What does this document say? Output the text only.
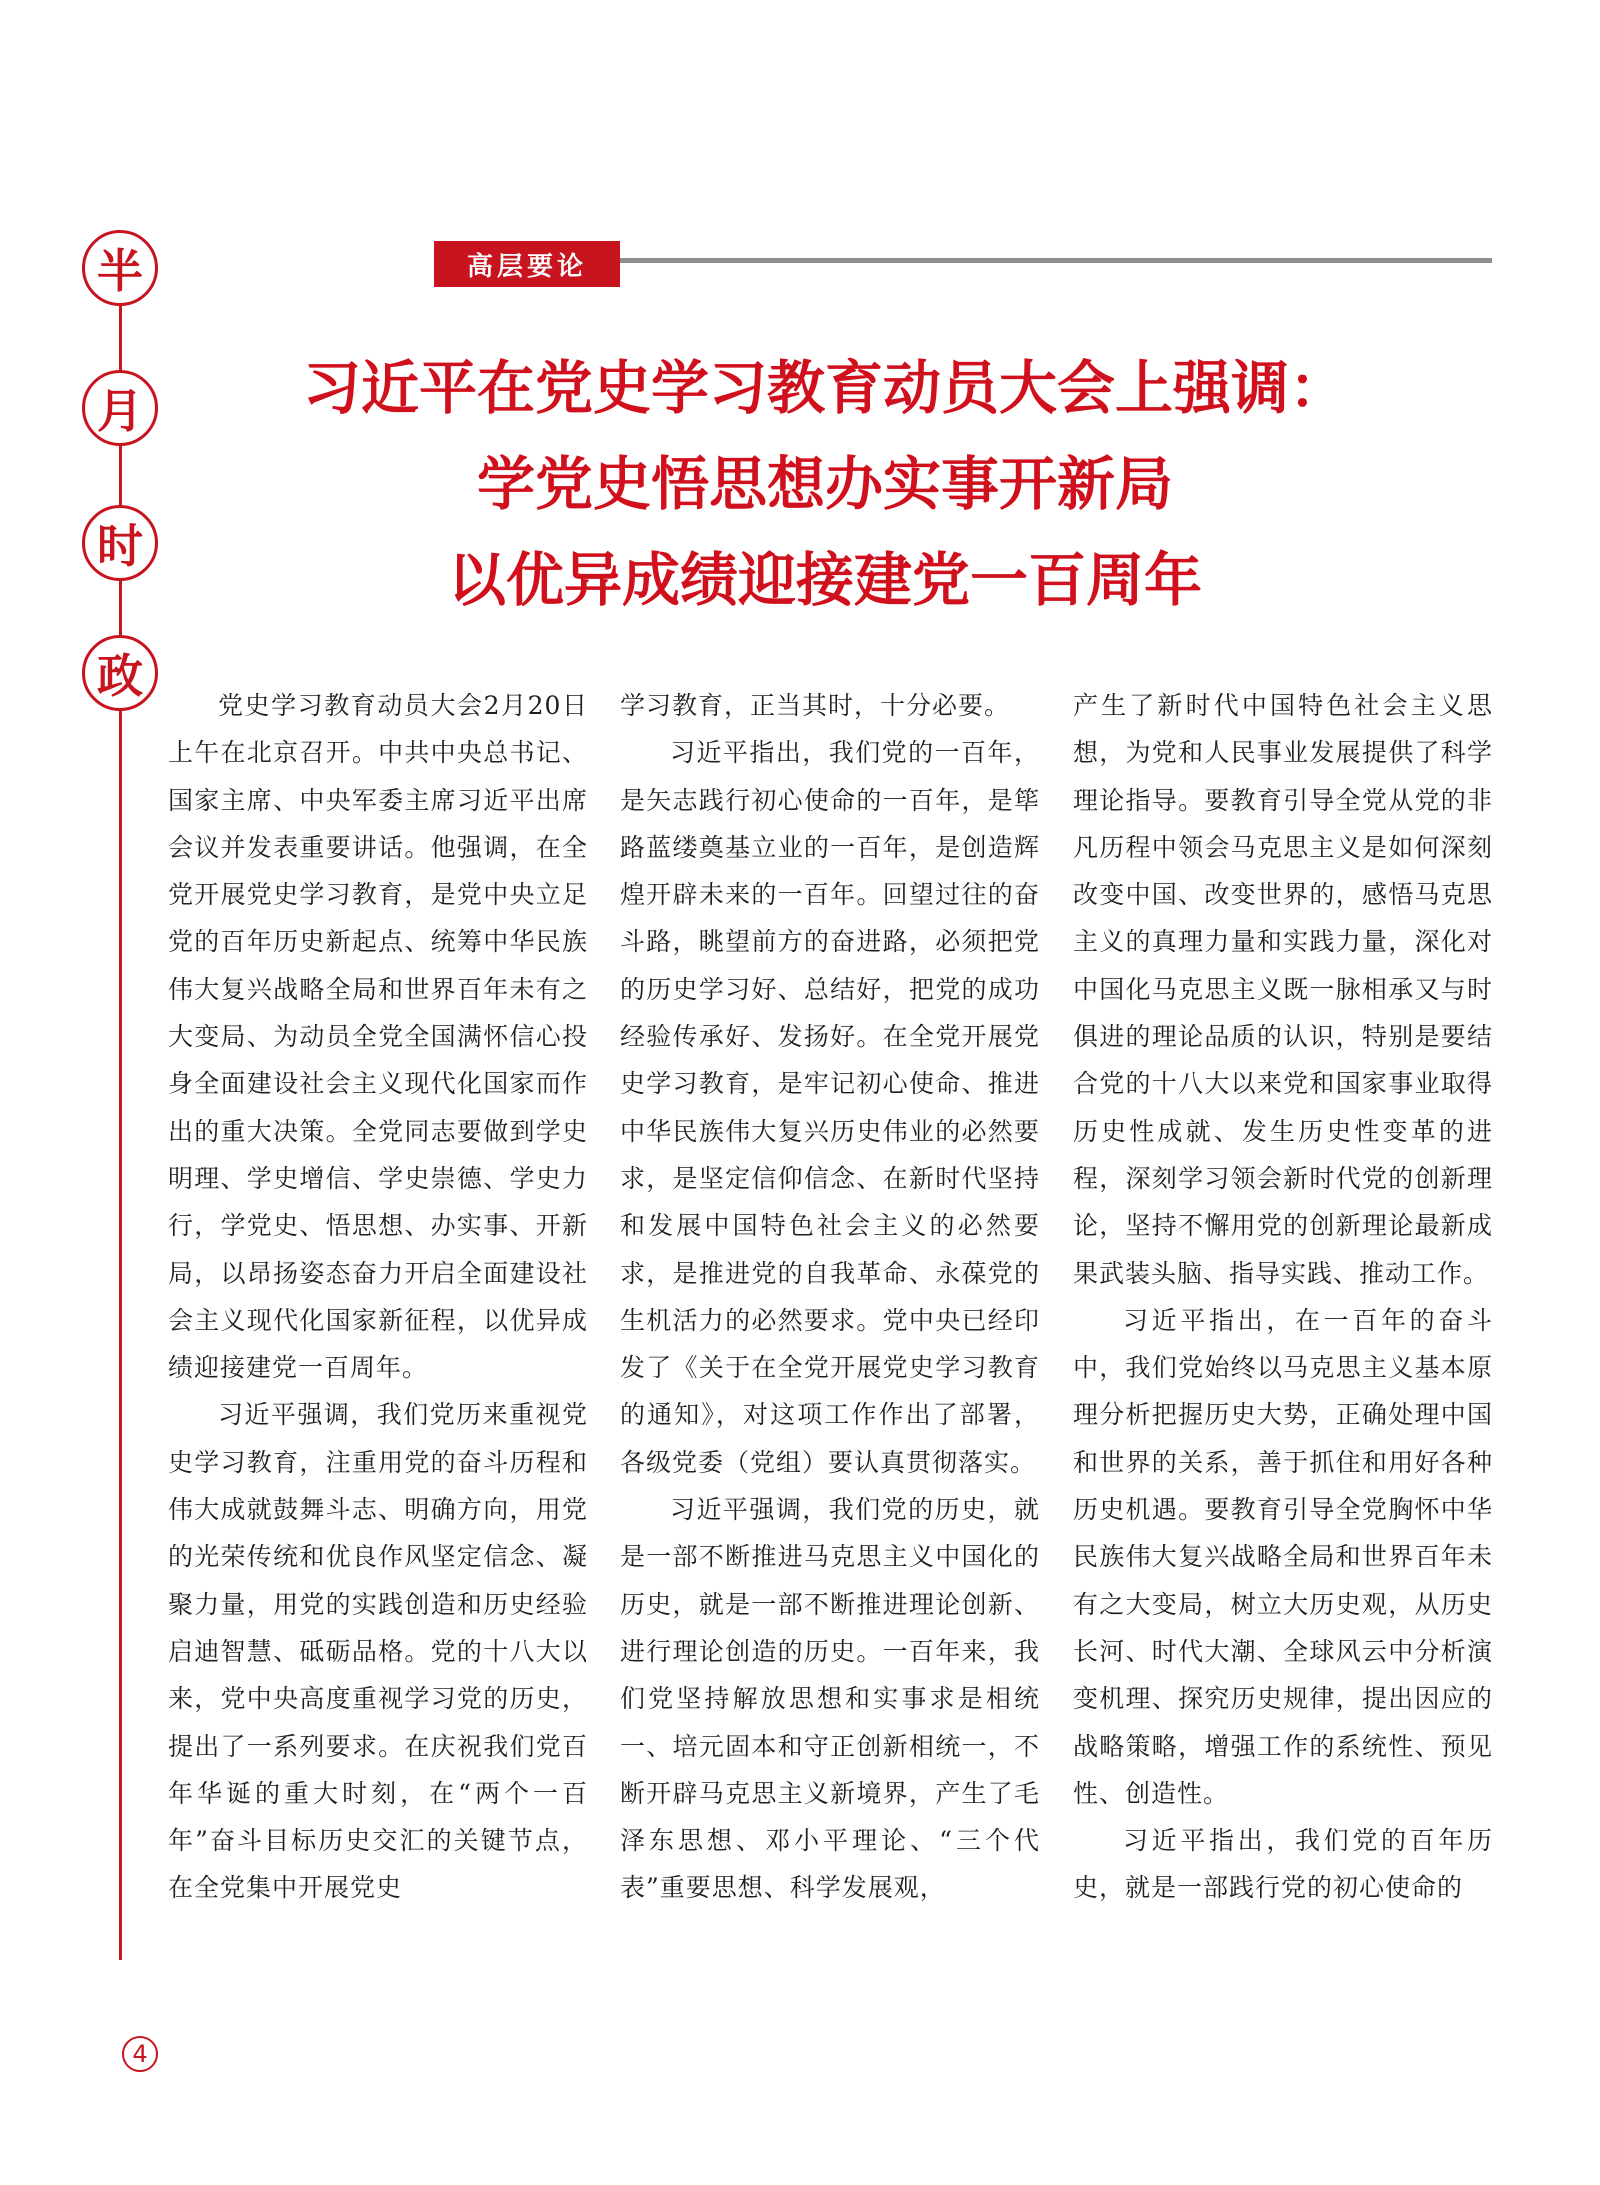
半
月
时
政
高层要论
习近平在党史学习教育动员大会上强调：
学党史悟思想办实事开新局
以优异成绩迎接建党一百周年

党史学习教育动员大会2月20日上午在北京召开。中共中央总书记、国家主席、中央军委主席习近平出席会议并发表重要讲话。他强调，在全党开展党史学习教育，是党中央立足党的百年历史新起点、统筹中华民族伟大复兴战略全局和世界百年未有之大变局、为动员全党全国满怀信心投身全面建设社会主义现代化国家而作出的重大决策。全党同志要做到学史明理、学史增信、学史崇德、学史力行，学党史、悟思想、办实事、开新局，以昂扬姿态奋力开启全面建设社会主义现代化国家新征程，以优异成绩迎接建党一百周年。

习近平强调，我们党历来重视党史学习教育，注重用党的奋斗历程和伟大成就鼓舞斗志、明确方向，用党的光荣传统和优良作风坚定信念、凝聚力量，用党的实践创造和历史经验启迪智慧、砥砺品格。党的十八大以来，党中央高度重视学习党的历史，提出了一系列要求。在庆祝我们党百年华诞的重大时刻，在“两个一百年”奋斗目标历史交汇的关键节点，在全党集中开展党史

学习教育，正当其时，十分必要。

习近平指出，我们党的一百年，是矢志践行初心使命的一百年，是筚路蓝缕奠基立业的一百年，是创造辉煌开辟未来的一百年。回望过往的奋斗路，眺望前方的奋进路，必须把党的历史学习好、总结好，把党的成功经验传承好、发扬好。在全党开展党史学习教育，是牢记初心使命、推进中华民族伟大复兴历史伟业的必然要求，是坚定信仰信念、在新时代坚持和发展中国特色社会主义的必然要求，是推进党的自我革命、永葆党的生机活力的必然要求。党中央已经印发了《关于在全党开展党史学习教育的通知》，对这项工作作出了部署，各级党委（党组）要认真贯彻落实。

习近平强调，我们党的历史，就是一部不断推进马克思主义中国化的历史，就是一部不断推进理论创新、进行理论创造的历史。一百年来，我们党坚持解放思想和实事求是相统一、培元固本和守正创新相统一，不断开辟马克思主义新境界，产生了毛泽东思想、邓小平理论、“三个代表”重要思想、科学发展观，

产生了新时代中国特色社会主义思想，为党和人民事业发展提供了科学理论指导。要教育引导全党从党的非凡历程中领会马克思主义是如何深刻改变中国、改变世界的，感悟马克思主义的真理力量和实践力量，深化对中国化马克思主义既一脉相承又与时俱进的理论品质的认识，特别是要结合党的十八大以来党和国家事业取得历史性成就、发生历史性变革的进程，深刻学习领会新时代党的创新理论，坚持不懈用党的创新理论最新成果武装头脑、指导实践、推动工作。

习近平指出，在一百年的奋斗中，我们党始终以马克思主义基本原理分析把握历史大势，正确处理中国和世界的关系，善于抓住和用好各种历史机遇。要教育引导全党胸怀中华民族伟大复兴战略全局和世界百年未有之大变局，树立大历史观，从历史长河、时代大潮、全球风云中分析演变机理、探究历史规律，提出因应的战略策略，增强工作的系统性、预见性、创造性。

习近平指出，我们党的百年历史，就是一部践行党的初心使命的

4
